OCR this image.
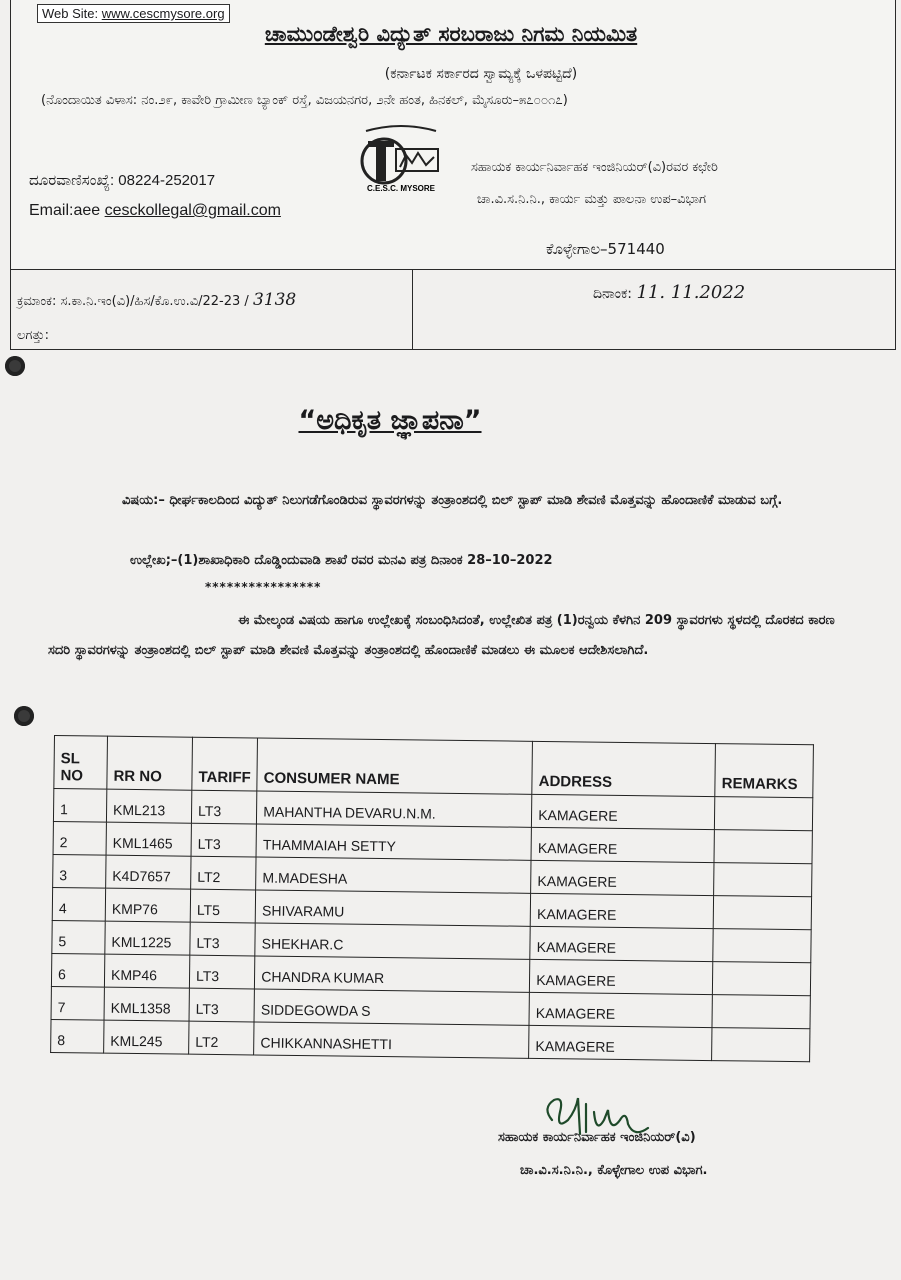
Web Site: www.cescmysore.org
ಚಾಮುಂಡೇಶ್ವರಿ ವಿದ್ಯುತ್ ಸರಬರಾಜು ನಿಗಮ ನಿಯಮಿತ
(ಕರ್ನಾಟಕ ಸರ್ಕಾರದ ಸ್ವಾಮ್ಯಕ್ಕೆ ಒಳಪಟ್ಟಿದೆ)
(ನೊಂದಾಯಿತ ವಿಳಾಸ: ನಂ.೨೯, ಕಾವೇರಿ ಗ್ರಾಮೀಣ ಬ್ಯಾಂಕ್ ರಸ್ತೆ, ವಿಜಯನಗರ, ೨ನೇ ಹಂತ, ಹಿನಕಲ್, ಮೈಸೂರು–೫೭೦೦೧೭)
C.E.S.C. MYSORE
ದೂರವಾಣಿಸಂಖ್ಯೆ: 08224-252017
Email:aee cesckollegal@gmail.com
ಸಹಾಯಕ ಕಾರ್ಯನಿರ್ವಾಹಕ ಇಂಜಿನಿಯರ್(ವಿ)ರವರ ಕಛೇರಿ
ಚಾ.ವಿ.ಸ.ನಿ.ನಿ., ಕಾರ್ಯ ಮತ್ತು ಪಾಲನಾ ಉಪ–ವಿಭಾಗ
ಕೊಳ್ಳೇಗಾಲ–571440
ಕ್ರಮಾಂಕ: ಸ.ಕಾ.ನಿ.ಇಂ(ವಿ)/ಹಿಸ/ಕೊ.ಉ.ವಿ/22-23 / 3138	ದಿನಾಂಕ: 11. 11.2022
ಲಗತ್ತು:
“ಅಧಿಕೃತ ಜ್ಞಾಪನಾ”
ವಿಷಯ:– ಧೀರ್ಘಕಾಲದಿಂದ ವಿದ್ಯುತ್ ನಿಲುಗಡೆಗೊಂಡಿರುವ ಸ್ಥಾವರಗಳನ್ನು ತಂತ್ರಾಂಶದಲ್ಲಿ ಬಿಲ್ ಸ್ಟಾಪ್ ಮಾಡಿ ಶೇವಣಿ ಮೊತ್ತವನ್ನು ಹೊಂದಾಣಿಕೆ ಮಾಡುವ ಬಗ್ಗೆ.
ಉಲ್ಲೇಖ;–(1)ಶಾಖಾಧಿಕಾರಿ ದೊಡ್ಡಿಂದುವಾಡಿ ಶಾಖೆ ರವರ ಮನವಿ ಪತ್ರ ದಿನಾಂಕ 28–10–2022
****************
ಈ ಮೇಲ್ಕಂಡ ವಿಷಯ ಹಾಗೂ ಉಲ್ಲೇಖಕ್ಕೆ ಸಂಬಂಧಿಸಿದಂತೆ, ಉಲ್ಲೇಖಿತ ಪತ್ರ (1)ರನ್ವಯ ಕೆಳಗಿನ 209 ಸ್ಥಾವರಗಳು ಸ್ಥಳದಲ್ಲಿ ದೊರಕದ ಕಾರಣ ಸದರಿ ಸ್ಥಾವರಗಳನ್ನು ತಂತ್ರಾಂಶದಲ್ಲಿ ಬಿಲ್ ಸ್ಟಾಪ್ ಮಾಡಿ ಶೇವಣಿ ಮೊತ್ತವನ್ನು ತಂತ್ರಾಂಶದಲ್ಲಿ ಹೊಂದಾಣಿಕೆ ಮಾಡಲು ಈ ಮೂಲಕ ಆದೇಶಿಸಲಾಗಿದೆ.
SL NO	RR NO	TARIFF	CONSUMER NAME	ADDRESS	REMARKS
1	KML213	LT3	MAHANTHA DEVARU.N.M.	KAMAGERE	
2	KML1465	LT3	THAMMAIAH SETTY	KAMAGERE	
3	K4D7657	LT2	M.MADESHA	KAMAGERE	
4	KMP76	LT5	SHIVARAMU	KAMAGERE	
5	KML1225	LT3	SHEKHAR.C	KAMAGERE	
6	KMP46	LT3	CHANDRA KUMAR	KAMAGERE	
7	KML1358	LT3	SIDDEGOWDA S	KAMAGERE	
8	KML245	LT2	CHIKKANNASHETTI	KAMAGERE	
ಸಹಾಯಕ ಕಾರ್ಯನಿರ್ವಾಹಕ ಇಂಜಿನಿಯರ್(ವಿ)
ಚಾ.ವಿ.ಸ.ನಿ.ನಿ., ಕೊಳ್ಳೇಗಾಲ ಉಪ ವಿಭಾಗ.
